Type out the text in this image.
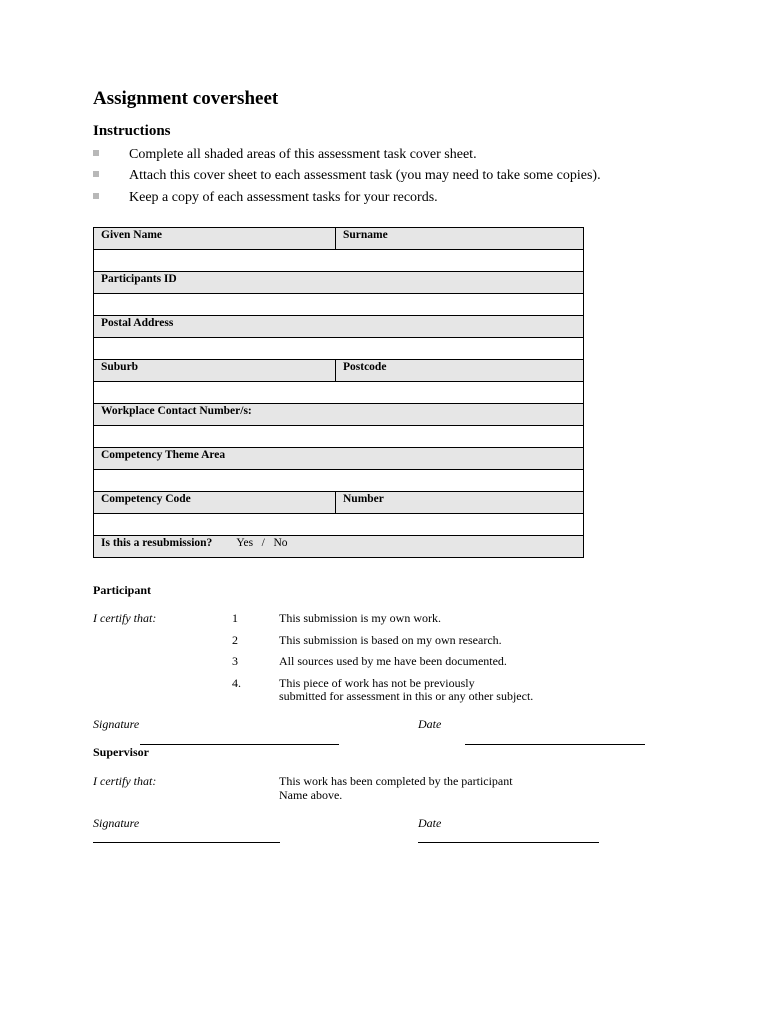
Assignment coversheet
Instructions
Complete all shaded areas of this assessment task cover sheet.
Attach this cover sheet to each assessment task (you may need to take some copies).
Keep a copy of each assessment tasks for your records.
Given Name	Surname

Participants ID	

Postal Address	

Suburb	Postcode

Workplace Contact Number/s:	

Competency Theme Area	

Competency Code	Number

Is this a resubmission? Yes   /   No	
Participant
I certify that:	1	This submission is my own work.
2	This submission is based on my own research.
3	All sources used by me have been documented.
4.	This piece of work has not be previously
submitted for assessment in this or any other subject.
Signature	Date
Supervisor
I certify that:	This work has been completed by the participant
Name above.
Signature	Date
